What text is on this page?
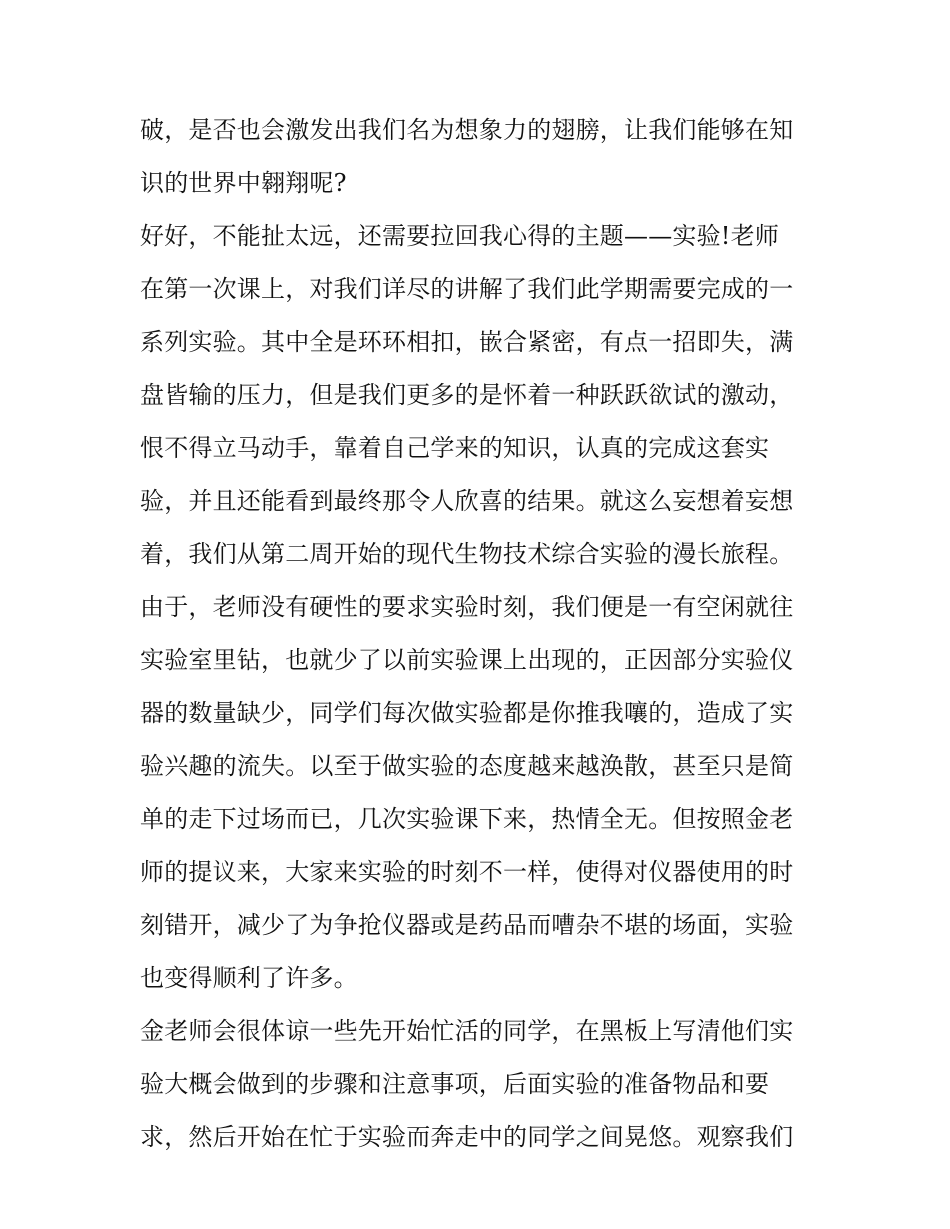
破，是否也会激发出我们名为想象力的翅膀，让我们能够在知
识的世界中翱翔呢?
好好，不能扯太远，还需要拉回我心得的主题——实验!老师
在第一次课上，对我们详尽的讲解了我们此学期需要完成的一
系列实验。其中全是环环相扣，嵌合紧密，有点一招即失，满
盘皆输的压力，但是我们更多的是怀着一种跃跃欲试的激动，
恨不得立马动手，靠着自己学来的知识，认真的完成这套实
验，并且还能看到最终那令人欣喜的结果。就这么妄想着妄想
着，我们从第二周开始的现代生物技术综合实验的漫长旅程。
由于，老师没有硬性的要求实验时刻，我们便是一有空闲就往
实验室里钻，也就少了以前实验课上出现的，正因部分实验仪
器的数量缺少，同学们每次做实验都是你推我嚷的，造成了实
验兴趣的流失。以至于做实验的态度越来越涣散，甚至只是简
单的走下过场而已，几次实验课下来，热情全无。但按照金老
师的提议来，大家来实验的时刻不一样，使得对仪器使用的时
刻错开，减少了为争抢仪器或是药品而嘈杂不堪的场面，实验
也变得顺利了许多。
金老师会很体谅一些先开始忙活的同学，在黑板上写清他们实
验大概会做到的步骤和注意事项，后面实验的准备物品和要
求，然后开始在忙于实验而奔走中的同学之间晃悠。观察我们
